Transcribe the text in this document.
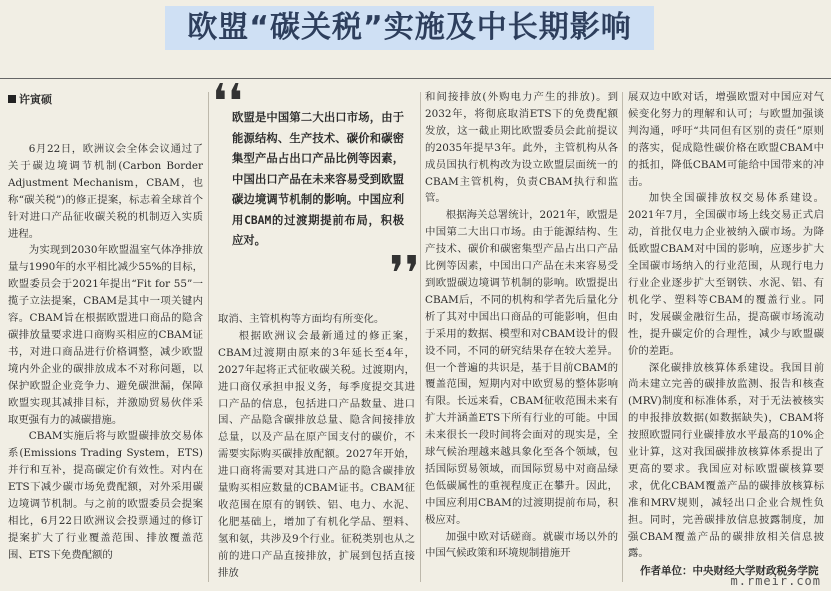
欧盟“碳关税”实施及中长期影响
许寅硕

6月22日，欧洲议会全体会议通过了关于碳边境调节机制(Carbon Border Adjustment Mechanism，CBAM，也称“碳关税”)的修正提案，标志着全球首个针对进口产品征收碳关税的机制迈入实质进程。

为实现到2030年欧盟温室气体净排放量与1990年的水平相比减少55%的目标，欧盟委员会于2021年提出“Fit for 55”一揽子立法提案，CBAM是其中一项关键内容。CBAM旨在根据欧盟进口商品的隐含碳排放量要求进口商购买相应的CBAM证书，对进口商品进行价格调整，减少欧盟境内外企业的碳排放成本不对称问题，以保护欧盟企业竞争力、避免碳泄漏，保障欧盟实现其减排目标，并激励贸易伙伴采取更强有力的减碳措施。

CBAM实施后将与欧盟碳排放交易体系(Emissions Trading System，ETS)并行和互补，提高碳定价有效性。对内在ETS下减少碳市场免费配额，对外采用碳边境调节机制。与之前的欧盟委员会提案相比，6月22日欧洲议会投票通过的修订提案扩大了行业覆盖范围、排放覆盖范围、ETS下免费配额的

❛❛
欧盟是中国第二大出口市场，由于能源结构、生产技术、碳价和碳密集型产品占出口产品比例等因素，中国出口产品在未来容易受到欧盟碳边境调节机制的影响。中国应利用CBAM的过渡期提前布局，积极应对。
❜❜

取消、主管机构等方面均有所变化。

根据欧洲议会最新通过的修正案，CBAM过渡期由原来的3年延长至4年，2027年起将正式征收碳关税。过渡期内，进口商仅承担申报义务，每季度提交其进口产品的信息，包括进口产品数量、进口国、产品隐含碳排放总量、隐含间接排放总量，以及产品在原产国支付的碳价，不需要实际购买碳排放配额。2027年开始，进口商将需要对其进口产品的隐含碳排放量购买相应数量的CBAM证书。CBAM征收范围在原有的钢铁、铝、电力、水泥、化肥基础上，增加了有机化学品、塑料、氢和氨，共涉及9个行业。征税类别也从之前的进口产品直接排放，扩展到包括直接排放

和间接排放(外购电力产生的排放)。到2032年，将彻底取消ETS下的免费配额发放，这一截止期比欧盟委员会此前提议的2035年提早3年。此外，主管机构从各成员国执行机构改为设立欧盟层面统一的CBAM主管机构，负责CBAM执行和监管。

根据海关总署统计，2021年，欧盟是中国第二大出口市场。由于能源结构、生产技术、碳价和碳密集型产品占出口产品比例等因素，中国出口产品在未来容易受到欧盟碳边境调节机制的影响。欧盟提出CBAM后，不同的机构和学者先后量化分析了其对中国出口商品的可能影响，但由于采用的数据、模型和对CBAM设计的假设不同，不同的研究结果存在较大差异。但一个普遍的共识是，基于目前CBAM的覆盖范围，短期内对中欧贸易的整体影响有限。长远来看，CBAM征收范围未来有扩大并涵盖ETS下所有行业的可能。中国未来很长一段时间将会面对的现实是，全球气候治理越来越具象化至各个领域，包括国际贸易领域，而国际贸易中对商品绿色低碳属性的重视程度正在攀升。因此，中国应利用CBAM的过渡期提前布局，积极应对。

加强中欧对话磋商。就碳市场以外的中国气候政策和环境规制措施开

展双边中欧对话，增强欧盟对中国应对气候变化努力的理解和认可；与欧盟加强谈判沟通，呼吁“共同但有区别的责任”原则的落实，促成隐性碳价格在欧盟CBAM中的抵扣，降低CBAM可能给中国带来的冲击。

加快全国碳排放权交易体系建设。2021年7月，全国碳市场上线交易正式启动，首批仅电力企业被纳入碳市场。为降低欧盟CBAM对中国的影响，应逐步扩大全国碳市场纳入的行业范围，从现行电力行业企业逐步扩大至钢铁、水泥、铝、有机化学、塑料等CBAM的覆盖行业。同时，发展碳金融衍生品，提高碳市场流动性，提升碳定价的合理性，减少与欧盟碳价的差距。

深化碳排放核算体系建设。我国目前尚未建立完善的碳排放监测、报告和核查(MRV)制度和标准体系，对于无法被核实的申报排放数据(如数据缺失)，CBAM将按照欧盟同行业碳排放水平最高的10%企业计算，这对我国碳排放核算体系提出了更高的要求。我国应对标欧盟碳核算要求，优化CBAM覆盖产品的碳排放核算标准和MRV规则，减轻出口企业合规性负担。同时，完善碳排放信息披露制度，加强CBAM覆盖产品的碳排放相关信息披露。

作者单位：中央财经大学财政税务学院
m.rmeir.com
